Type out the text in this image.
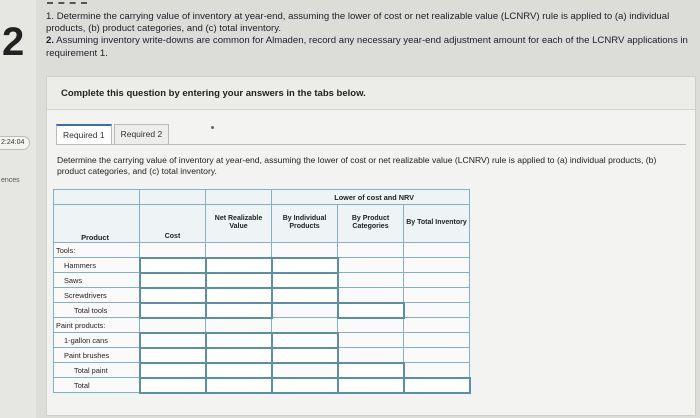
2
2:24:04
ences

1. Determine the carrying value of inventory at year-end, assuming the lower of cost or net realizable value (LCNRV) rule is applied to (a) individual products, (b) product categories, and (c) total inventory.

2. Assuming inventory write-downs are common for Almaden, record any necessary year-end adjustment amount for each of the LCNRV applications in requirement 1.

Complete this question by entering your answers in the tabs below.
Required 1	Required 2
Determine the carrying value of inventory at year-end, assuming the lower of cost or net realizable value (LCNRV) rule is applied to (a) individual products, (b) product categories, and (c) total inventory.
			Lower of cost and NRV		
Product	Cost	Net Realizable Value	By Individual Products	By Product Categories	By Total Inventory
Tools:					
Hammers					
Saws					
Screwdrivers					
Total tools					
Paint products:					
1-gallon cans					
Paint brushes					
Total paint					
Total					
